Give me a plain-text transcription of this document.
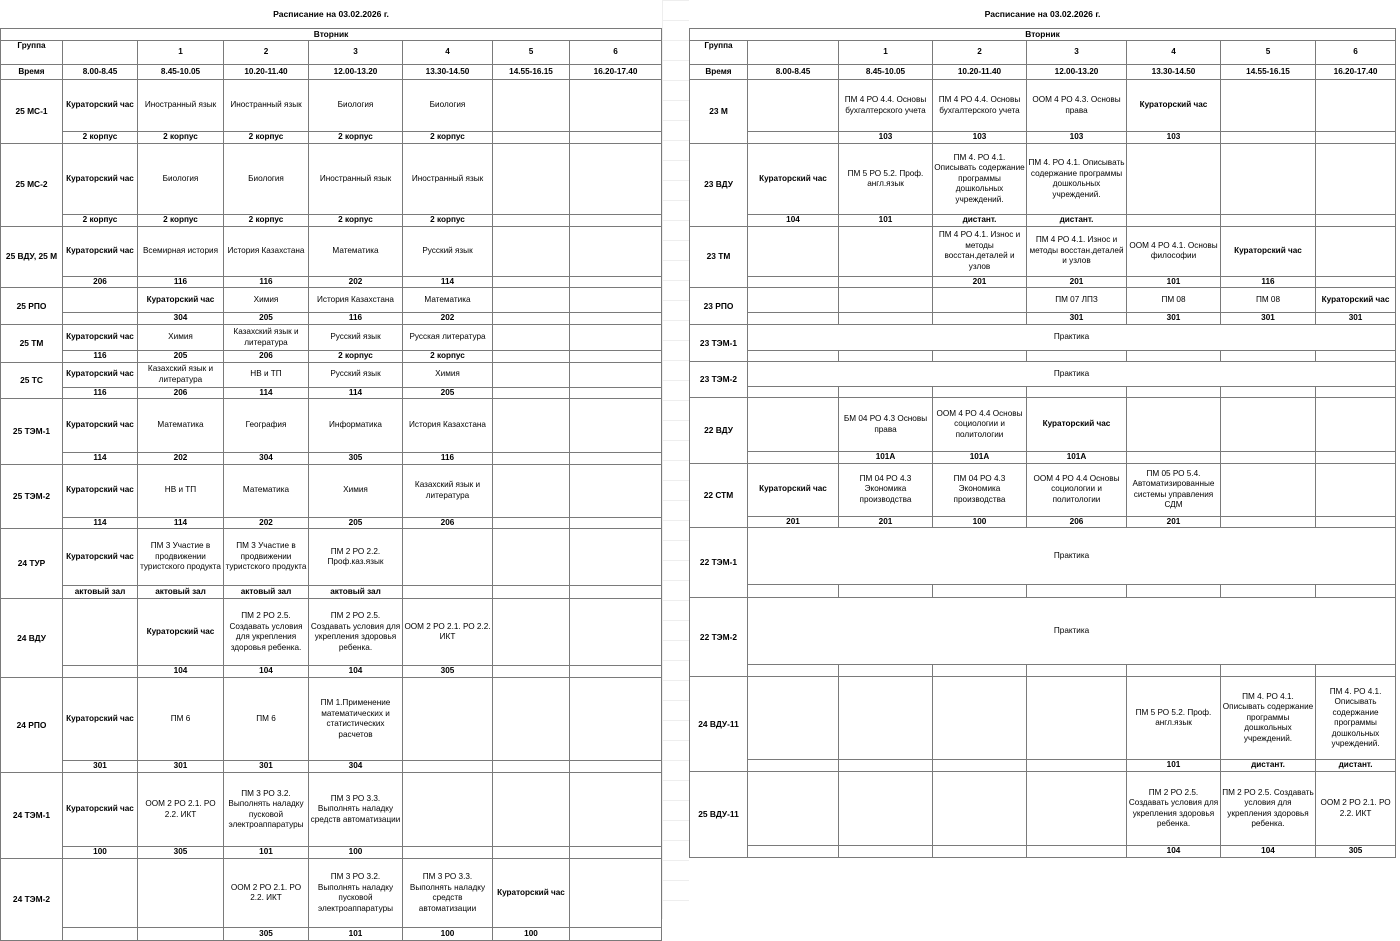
Расписание на 03.02.2026 г.							
Вторник							
Группа		1	2	3	4	5	6
Время	8.00-8.45	8.45-10.05	10.20-11.40	12.00-13.20	13.30-14.50	14.55-16.15	16.20-17.40
25 МС-1	Кураторский час	Иностранный язык	Иностранный язык	Биология	Биология		
	2 корпус	2 корпус	2 корпус	2 корпус	2 корпус		
25 МС-2	Кураторский час	Биология	Биология	Иностранный язык	Иностранный язык		
	2 корпус	2 корпус	2 корпус	2 корпус	2 корпус		
25 ВДУ, 25 М	Кураторский час	Всемирная история	История Казахстана	Математика	Русский язык		
	206	116	116	202	114		
25 РПО		Кураторский час	Химия	История Казахстана	Математика		
		304	205	116	202		
25 ТМ	Кураторский час	Химия	Казахский язык и литература	Русский язык	Русская литература		
	116	205	206	2 корпус	2 корпус		
25 ТС	Кураторский час	Казахский язык и литература	НВ и ТП	Русский язык	Химия		
	116	206	114	114	205		
25 ТЭМ-1	Кураторский час	Математика	География	Информатика	История Казахстана		
	114	202	304	305	116		
25 ТЭМ-2	Кураторский час	НВ и ТП	Математика	Химия	Казахский язык и литература		
	114	114	202	205	206		
24 ТУР	Кураторский час	ПМ 3 Участие в продвижении туристского продукта	ПМ 3 Участие в продвижении туристского продукта	ПМ 2 РО 2.2. Проф.каз.язык			
	актовый зал	актовый зал	актовый зал	актовый зал			
24 ВДУ		Кураторский час	ПМ 2 РО 2.5. Создавать условия для укрепления здоровья ребенка.	ПМ 2 РО 2.5. Создавать условия для укрепления здоровья ребенка.	ООМ 2 РО 2.1. РО 2.2. ИКТ		
		104	104	104	305		
24 РПО	Кураторский час	ПМ 6	ПМ 6	ПМ 1.Применение математических и статистических расчетов			
	301	301	301	304			
24 ТЭМ-1	Кураторский час	ООМ 2 РО 2.1. РО 2.2. ИКТ	ПМ 3 РО 3.2. Выполнять наладку пусковой электроаппаратуры	ПМ 3 РО 3.3. Выполнять наладку средств автоматизации			
	100	305	101	100			
24 ТЭМ-2			ООМ 2 РО 2.1. РО 2.2. ИКТ	ПМ 3 РО 3.2. Выполнять наладку пусковой электроаппаратуры	ПМ 3 РО 3.3. Выполнять наладку средств автоматизации	Кураторский час	
			305	101	100	100	
Расписание на 03.02.2026 г.							
Вторник							
Группа		1	2	3	4	5	6
Время	8.00-8.45	8.45-10.05	10.20-11.40	12.00-13.20	13.30-14.50	14.55-16.15	16.20-17.40
23 М		ПМ 4 РО 4.4. Основы бухгалтерского учета	ПМ 4 РО 4.4. Основы бухгалтерского учета	ООМ 4 РО 4.3. Основы права	Кураторский час		
		103	103	103	103		
23 ВДУ	Кураторский час	ПМ 5 РО 5.2. Проф. англ.язык	ПМ 4. РО 4.1. Описывать содержание программы дошкольных учреждений.	ПМ 4. РО 4.1. Описывать содержание программы дошкольных учреждений.			
	104	101	дистант.	дистант.			
23 ТМ			ПМ 4 РО 4.1. Износ и методы восстан.деталей и узлов	ПМ 4 РО 4.1. Износ и методы восстан.деталей и узлов	ООМ 4 РО 4.1. Основы философии	Кураторский час	
			201	201	101	116	
23 РПО				ПМ 07 ЛПЗ	ПМ 08	ПМ 08	Кураторский час
				301	301	301	301
23 ТЭМ-1	Практика						

23 ТЭМ-2	Практика						

22 ВДУ		БМ 04 РО 4.3 Основы права	ООМ 4 РО 4.4 Основы социологии и политологии	Кураторский час			
		101А	101А	101А			
22 СТМ	Кураторский час	ПМ 04 РО 4.3 Экономика производства	ПМ 04 РО 4.3 Экономика производства	ООМ 4 РО 4.4 Основы социологии и политологии	ПМ 05 РО 5.4. Автоматизированные системы управления СДМ		
	201	201	100	206	201		
22 ТЭМ-1	Практика						

22 ТЭМ-2	Практика						

24 ВДУ-11					ПМ 5 РО 5.2. Проф. англ.язык	ПМ 4. РО 4.1. Описывать содержание программы дошкольных учреждений.	ПМ 4. РО 4.1. Описывать содержание программы дошкольных учреждений.
					101	дистант.	дистант.
25 ВДУ-11					ПМ 2 РО 2.5. Создавать условия для укрепления здоровья ребенка.	ПМ 2 РО 2.5. Создавать условия для укрепления здоровья ребенка.	ООМ 2 РО 2.1. РО 2.2. ИКТ
					104	104	305
